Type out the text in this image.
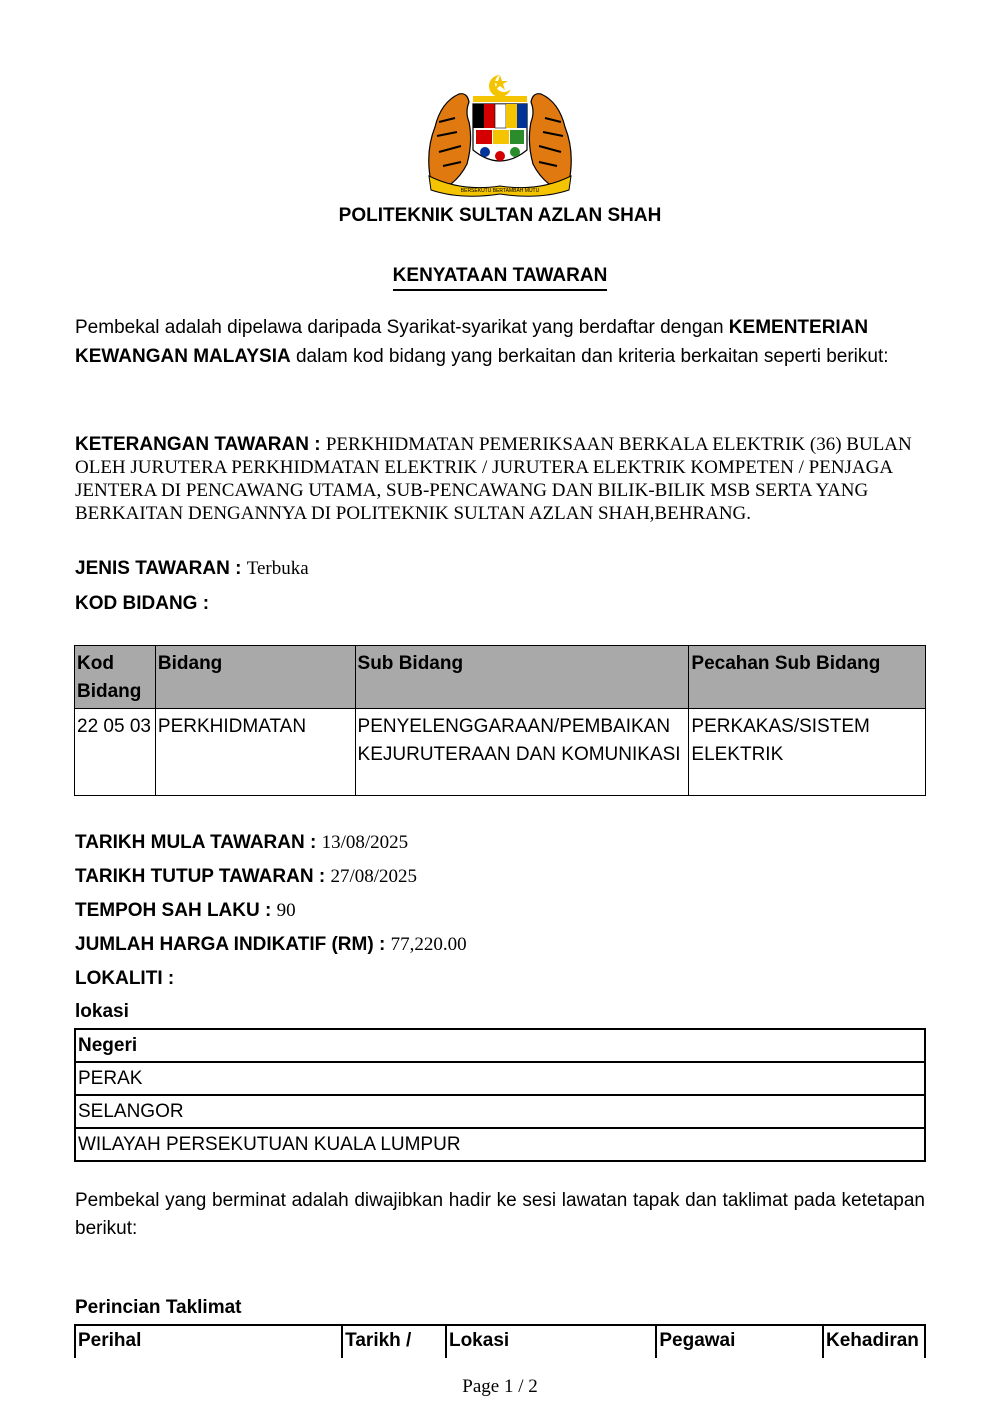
BERSEKUTU BERTAMBAH MUTU
POLITEKNIK SULTAN AZLAN SHAH
KENYATAAN TAWARAN
Pembekal adalah dipelawa daripada Syarikat-syarikat yang berdaftar dengan KEMENTERIAN KEWANGAN MALAYSIA dalam kod bidang yang berkaitan dan kriteria berkaitan seperti berikut:
KETERANGAN TAWARAN : PERKHIDMATAN PEMERIKSAAN BERKALA ELEKTRIK (36) BULAN OLEH JURUTERA PERKHIDMATAN ELEKTRIK / JURUTERA ELEKTRIK KOMPETEN / PENJAGA JENTERA DI PENCAWANG UTAMA, SUB-PENCAWANG DAN BILIK-BILIK MSB SERTA YANG BERKAITAN DENGANNYA DI POLITEKNIK SULTAN AZLAN SHAH,BEHRANG.
JENIS TAWARAN : Terbuka
KOD BIDANG :
Kod Bidang	Bidang	Sub Bidang	Pecahan Sub Bidang
22 05 03	PERKHIDMATAN	PENYELENGGARAAN/PEMBAIKAN KEJURUTERAAN DAN KOMUNIKASI	PERKAKAS/SISTEM ELEKTRIK
TARIKH MULA TAWARAN : 13/08/2025
TARIKH TUTUP TAWARAN : 27/08/2025
TEMPOH SAH LAKU : 90
JUMLAH HARGA INDIKATIF (RM) : 77,220.00
LOKALITI :
lokasi
Negeri
PERAK
SELANGOR
WILAYAH PERSEKUTUAN KUALA LUMPUR
Pembekal yang berminat adalah diwajibkan hadir ke sesi lawatan tapak dan taklimat pada ketetapan berikut:
Perincian Taklimat
Perihal	Tarikh /	Lokasi	Pegawai	Kehadiran
Page 1 / 2
